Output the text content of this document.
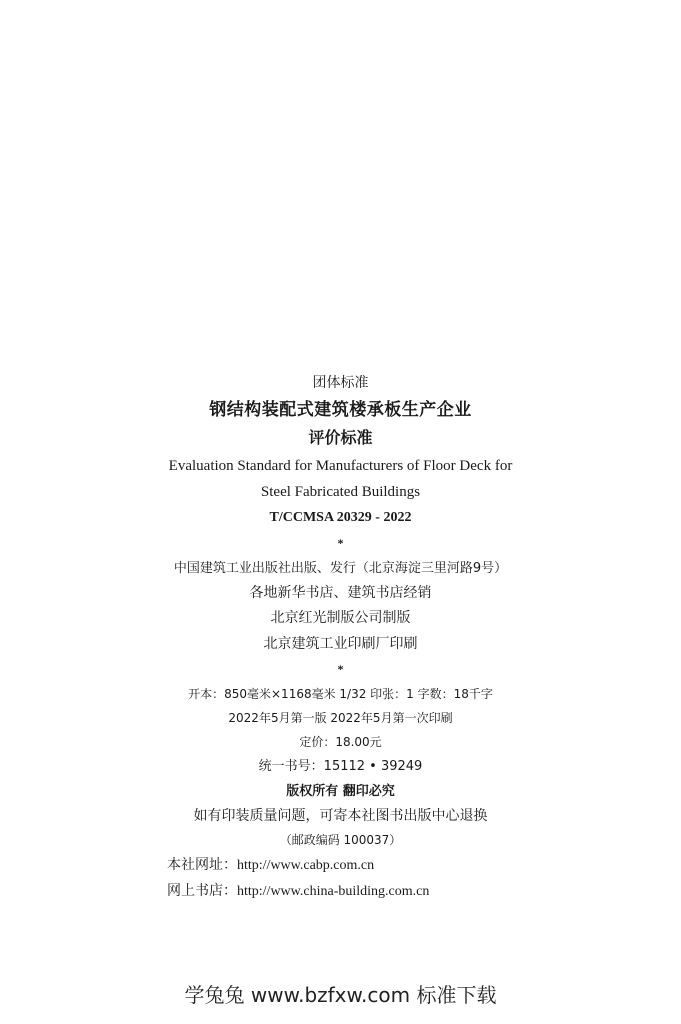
团体标准
钢结构装配式建筑楼承板生产企业
评价标准
Evaluation Standard for Manufacturers of Floor Deck for
Steel Fabricated Buildings
T/CCMSA 20329 - 2022
*
中国建筑工业出版社出版、发行（北京海淀三里河路9号）
各地新华书店、建筑书店经销
北京红光制版公司制版
北京建筑工业印刷厂印刷
*
开本：850毫米×1168毫米 1/32 印张：1 字数：18千字
2022年5月第一版 2022年5月第一次印刷
定价：18.00元
统一书号：15112 • 39249
版权所有 翻印必究
如有印装质量问题，可寄本社图书出版中心退换
（邮政编码 100037）
本社网址：http://www.cabp.com.cn
网上书店：http://www.china-building.com.cn
学兔兔 www.bzfxw.com 标准下载
